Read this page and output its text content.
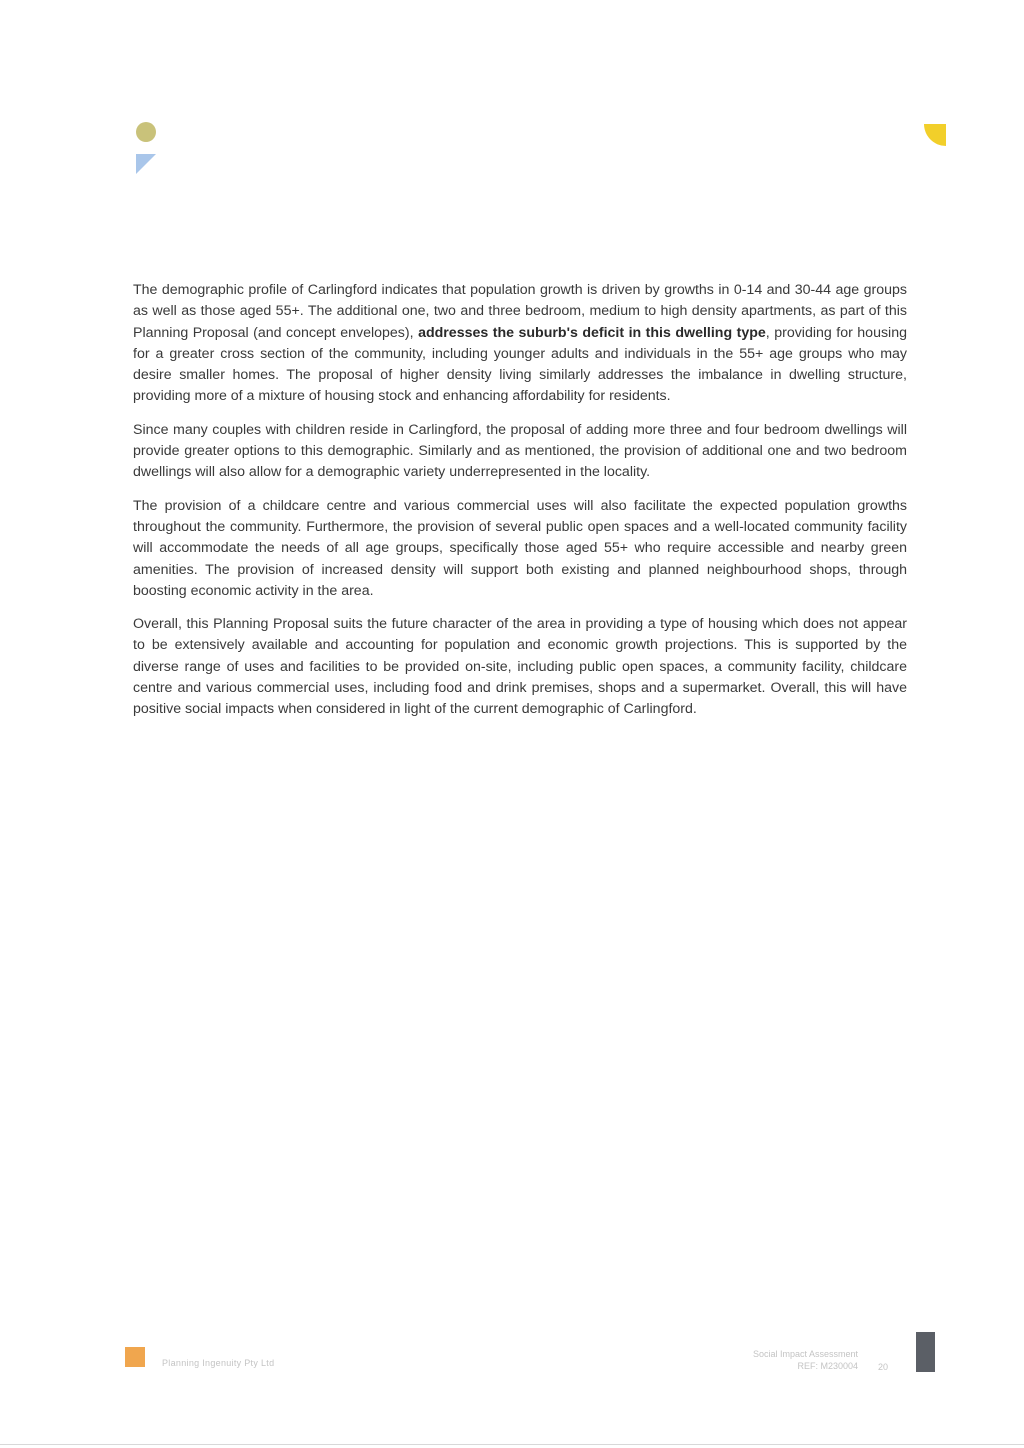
The demographic profile of Carlingford indicates that population growth is driven by growths in 0-14 and 30-44 age groups as well as those aged 55+. The additional one, two and three bedroom, medium to high density apartments, as part of this Planning Proposal (and concept envelopes), addresses the suburb's deficit in this dwelling type, providing for housing for a greater cross section of the community, including younger adults and individuals in the 55+ age groups who may desire smaller homes. The proposal of higher density living similarly addresses the imbalance in dwelling structure, providing more of a mixture of housing stock and enhancing affordability for residents.

Since many couples with children reside in Carlingford, the proposal of adding more three and four bedroom dwellings will provide greater options to this demographic. Similarly and as mentioned, the provision of additional one and two bedroom dwellings will also allow for a demographic variety underrepresented in the locality.

The provision of a childcare centre and various commercial uses will also facilitate the expected population growths throughout the community. Furthermore, the provision of several public open spaces and a well-located community facility will accommodate the needs of all age groups, specifically those aged 55+ who require accessible and nearby green amenities. The provision of increased density will support both existing and planned neighbourhood shops, through boosting economic activity in the area.

Overall, this Planning Proposal suits the future character of the area in providing a type of housing which does not appear to be extensively available and accounting for population and economic growth projections. This is supported by the diverse range of uses and facilities to be provided on-site, including public open spaces, a community facility, childcare centre and various commercial uses, including food and drink premises, shops and a supermarket. Overall, this will have positive social impacts when considered in light of the current demographic of Carlingford.

Planning Ingenuity Pty Ltd
Social Impact Assessment
REF: M230004 20
